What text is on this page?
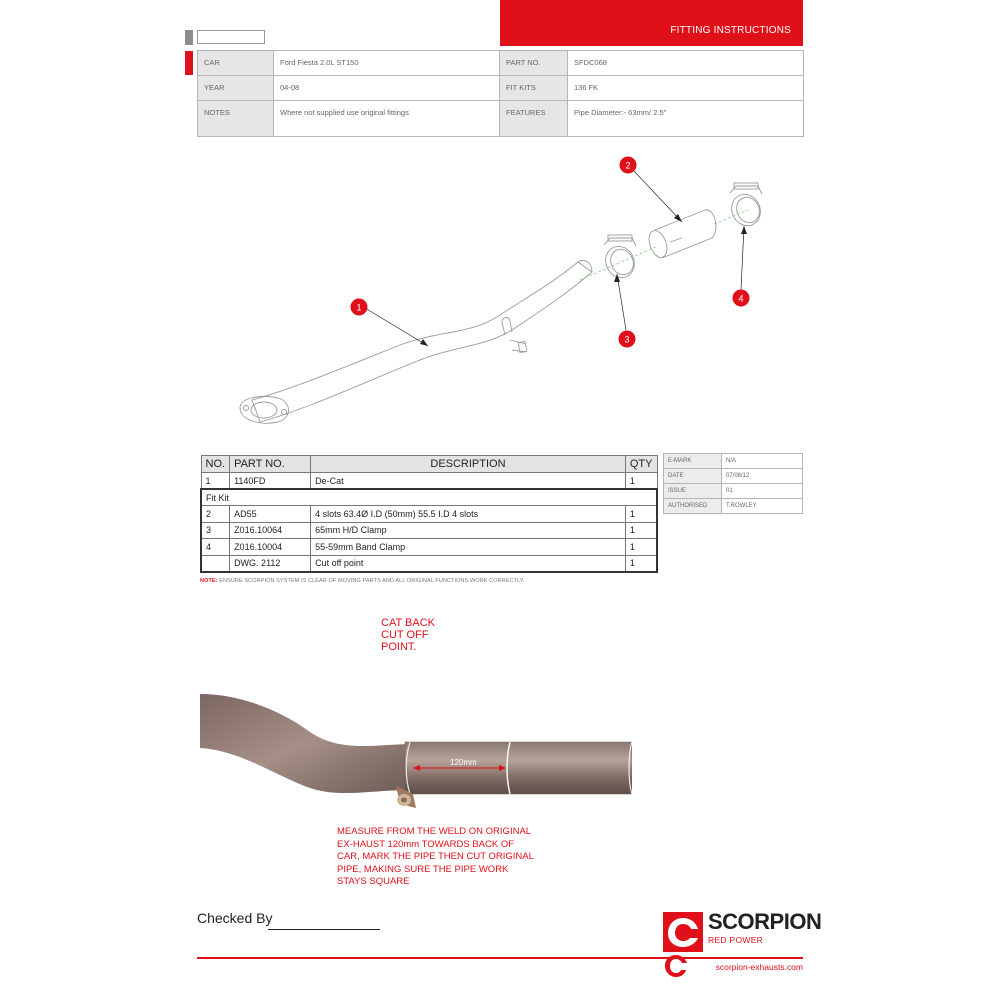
FITTING INSTRUCTIONS
CAR	Ford Fiesta 2.0L ST150	PART NO.	SFDC068
YEAR	04-08	FIT KITS	136 FK
NOTES	Where not supplied use original fittings	FEATURES	Pipe Diameter:- 63mm/ 2.5"
1
2
3
4
NO.	PART NO.	DESCRIPTION	QTY
1	1140FD	De-Cat	1
Fit Kit			
2	AD55	4 slots 63.4Ø I.D (50mm) 55.5 I.D 4 slots	1
3	Z016.10064	65mm H/D Clamp	1
4	Z016.10004	55-59mm Band Clamp	1
	DWG. 2112	Cut off point	1
E-MARK	N/A
DATE	07/08/12
ISSUE	01
AUTHORISED	T.ROWLEY
NOTE: ENSURE SCORPION SYSTEM IS CLEAR OF MOVING PARTS AND ALL ORIGINAL FUNCTIONS WORK CORRECTLY.
CAT BACK
CUT OFF
POINT.
120mm
MEASURE FROM THE WELD ON ORIGINAL EX-HAUST 120mm TOWARDS BACK OF CAR, MARK THE PIPE THEN CUT ORIGINAL PIPE, MAKING SURE THE PIPE WORK STAYS SQUARE
Checked By	SCORPION
RED POWER
scorpion-exhausts.com
